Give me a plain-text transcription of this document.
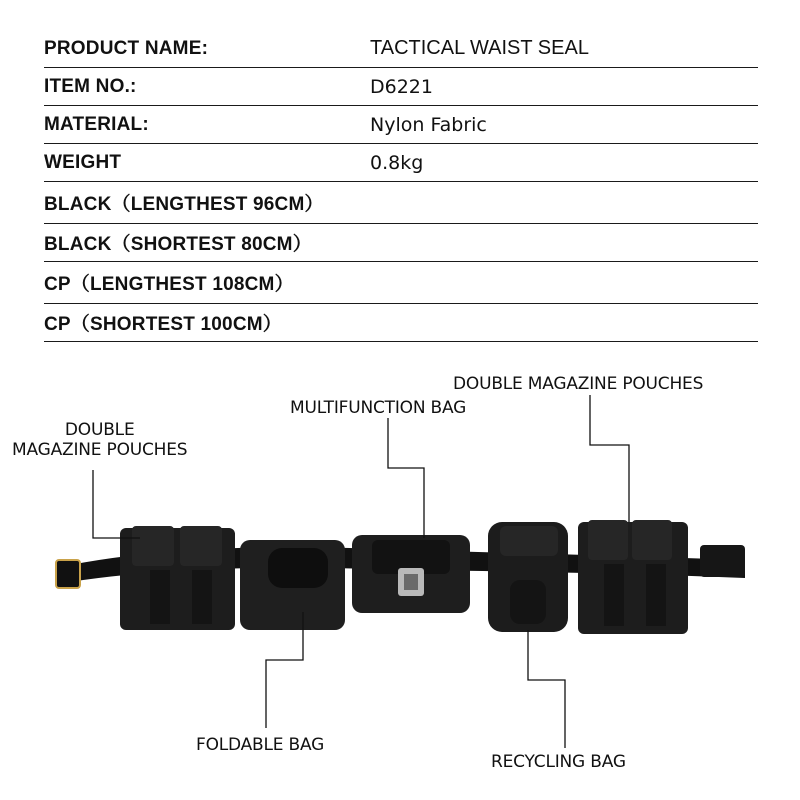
PRODUCT NAME:	TACTICAL WAIST SEAL
ITEM NO.:	D6221
MATERIAL:	Nylon Fabric
WEIGHT	0.8kg
BLACK（LENGTHEST 96CM）
BLACK（SHORTEST 80CM）
CP（LENGTHEST 108CM）
CP（SHORTEST 100CM）
DOUBLE
MAGAZINE POUCHES
MULTIFUNCTION BAG
DOUBLE MAGAZINE POUCHES
FOLDABLE BAG
RECYCLING BAG
